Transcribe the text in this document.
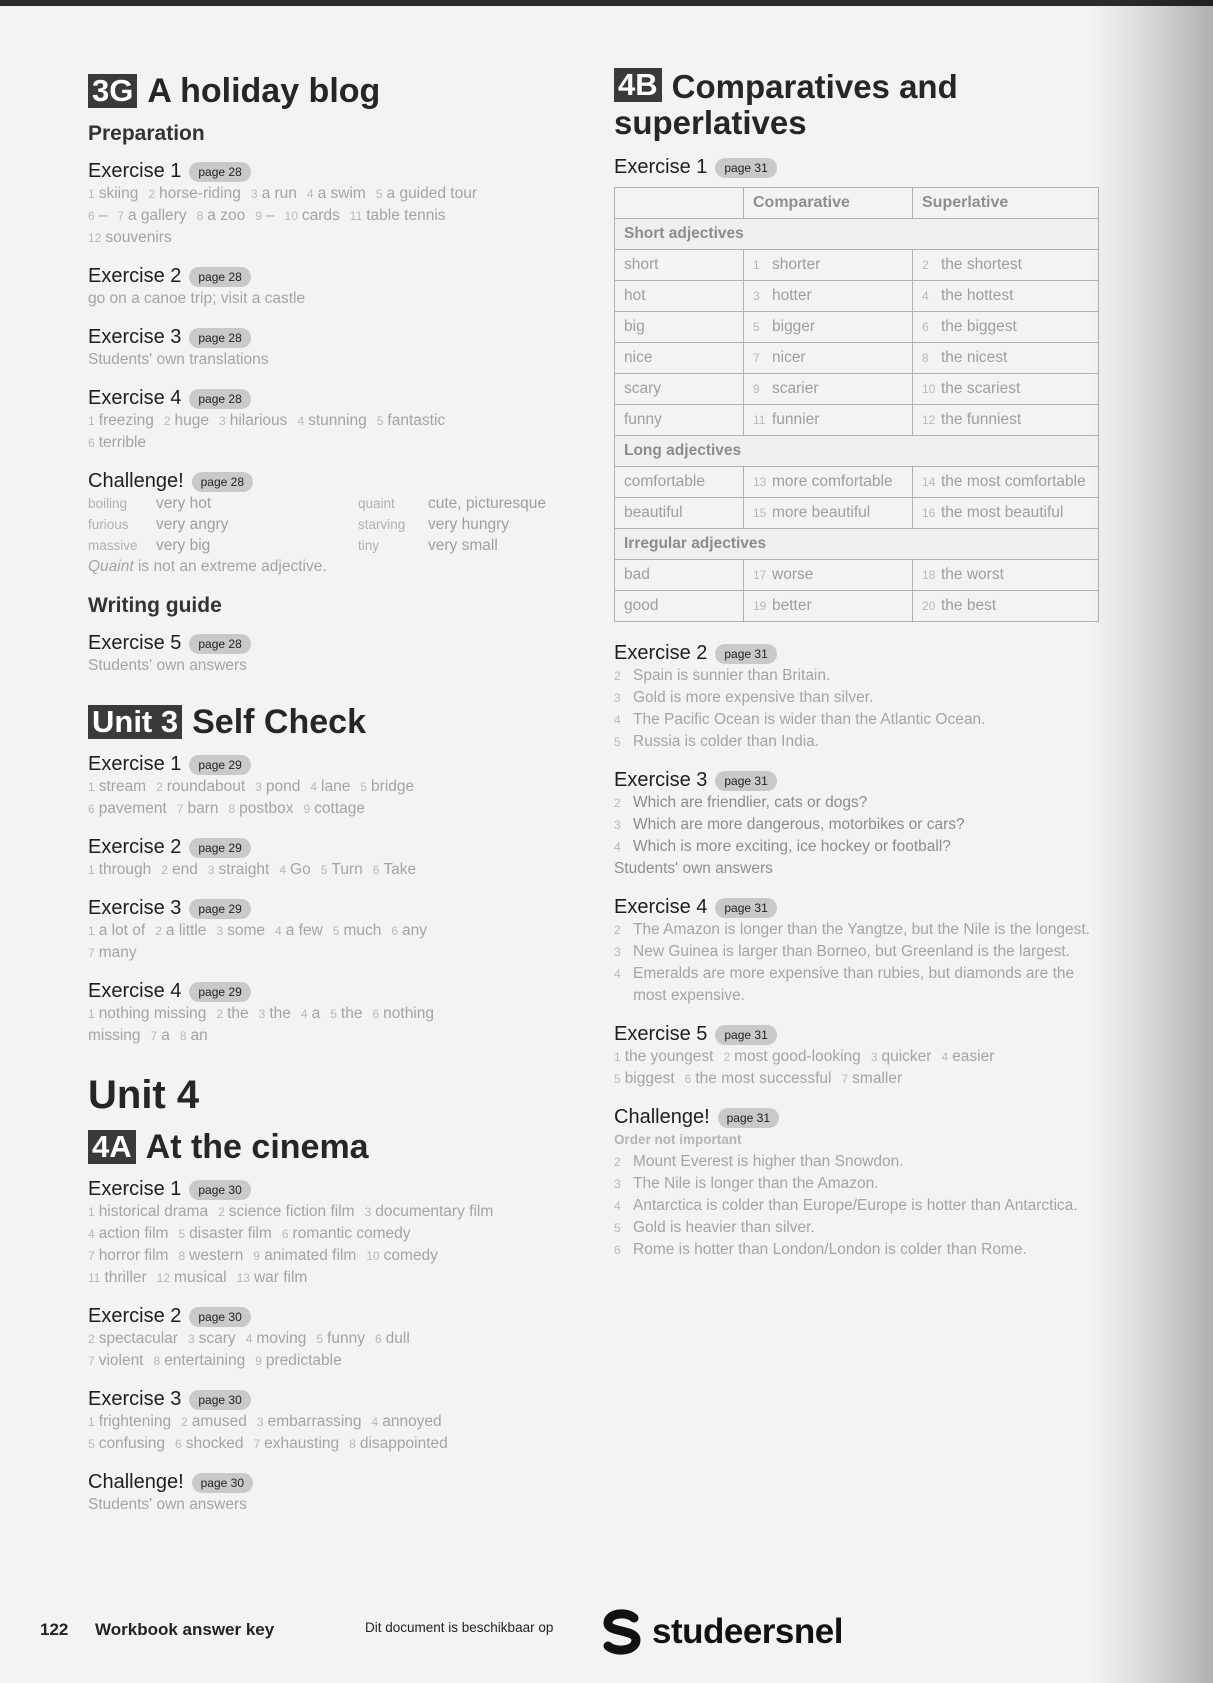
3G A holiday blog
Preparation
Exercise 1	page 28
1 skiing 2 horse-riding 3 a run 4 a swim 5 a guided tour
6 – 7 a gallery 8 a zoo 9 – 10 cards 11 table tennis
12 souvenirs
Exercise 2	page 28
go on a canoe trip; visit a castle
Exercise 3	page 28
Students' own translations
Exercise 4	page 28
1 freezing 2 huge 3 hilarious 4 stunning 5 fantastic
6 terrible
Challenge!	page 28
boiling	very hot	quaint	cute, picturesque
furious	very angry	starving	very hungry
massive	very big	tiny	very small
Quaint is not an extreme adjective.
Writing guide
Exercise 5	page 28
Students' own answers
Unit 3 Self Check
Exercise 1	page 29
1 stream 2 roundabout 3 pond 4 lane 5 bridge
6 pavement 7 barn 8 postbox 9 cottage
Exercise 2	page 29
1 through 2 end 3 straight 4 Go 5 Turn 6 Take
Exercise 3	page 29
1 a lot of 2 a little 3 some 4 a few 5 much 6 any
7 many
Exercise 4	page 29
1 nothing missing 2 the 3 the 4 a 5 the 6 nothing
missing 7 a 8 an
Unit 4
4A At the cinema
Exercise 1	page 30
1 historical drama 2 science fiction film 3 documentary film
4 action film 5 disaster film 6 romantic comedy
7 horror film 8 western 9 animated film 10 comedy
11 thriller 12 musical 13 war film
Exercise 2	page 30
2 spectacular 3 scary 4 moving 5 funny 6 dull
7 violent 8 entertaining 9 predictable
Exercise 3	page 30
1 frightening 2 amused 3 embarrassing 4 annoyed
5 confusing 6 shocked 7 exhausting 8 disappointed
Challenge!	page 30
Students' own answers
4B Comparatives and
superlatives
Exercise 1	page 31
	Comparative	Superlative
Short adjectives		
short	1 shorter	2 the shortest
hot	3 hotter	4 the hottest
big	5 bigger	6 the biggest
nice	7 nicer	8 the nicest
scary	9 scarier	10 the scariest
funny	11 funnier	12 the funniest
Long adjectives		
comfortable	13 more comfortable	14 the most comfortable
beautiful	15 more beautiful	16 the most beautiful
Irregular adjectives		
bad	17 worse	18 the worst
good	19 better	20 the best
Exercise 2	page 31
2 Spain is sunnier than Britain.
3 Gold is more expensive than silver.
4 The Pacific Ocean is wider than the Atlantic Ocean.
5 Russia is colder than India.
Exercise 3	page 31
2 Which are friendlier, cats or dogs?
3 Which are more dangerous, motorbikes or cars?
4 Which is more exciting, ice hockey or football?
Students' own answers
Exercise 4	page 31
2 The Amazon is longer than the Yangtze, but the Nile is the longest.
3 New Guinea is larger than Borneo, but Greenland is the largest.
4 Emeralds are more expensive than rubies, but diamonds are the most expensive.
Exercise 5	page 31
1 the youngest 2 most good-looking 3 quicker 4 easier
5 biggest 6 the most successful 7 smaller
Challenge!	page 31
Order not important
2 Mount Everest is higher than Snowdon.
3 The Nile is longer than the Amazon.
4 Antarctica is colder than Europe/Europe is hotter than Antarctica.
5 Gold is heavier than silver.
6 Rome is hotter than London/London is colder than Rome.
122 Workbook answer key	Dit document is beschikbaar op	studeersnel
